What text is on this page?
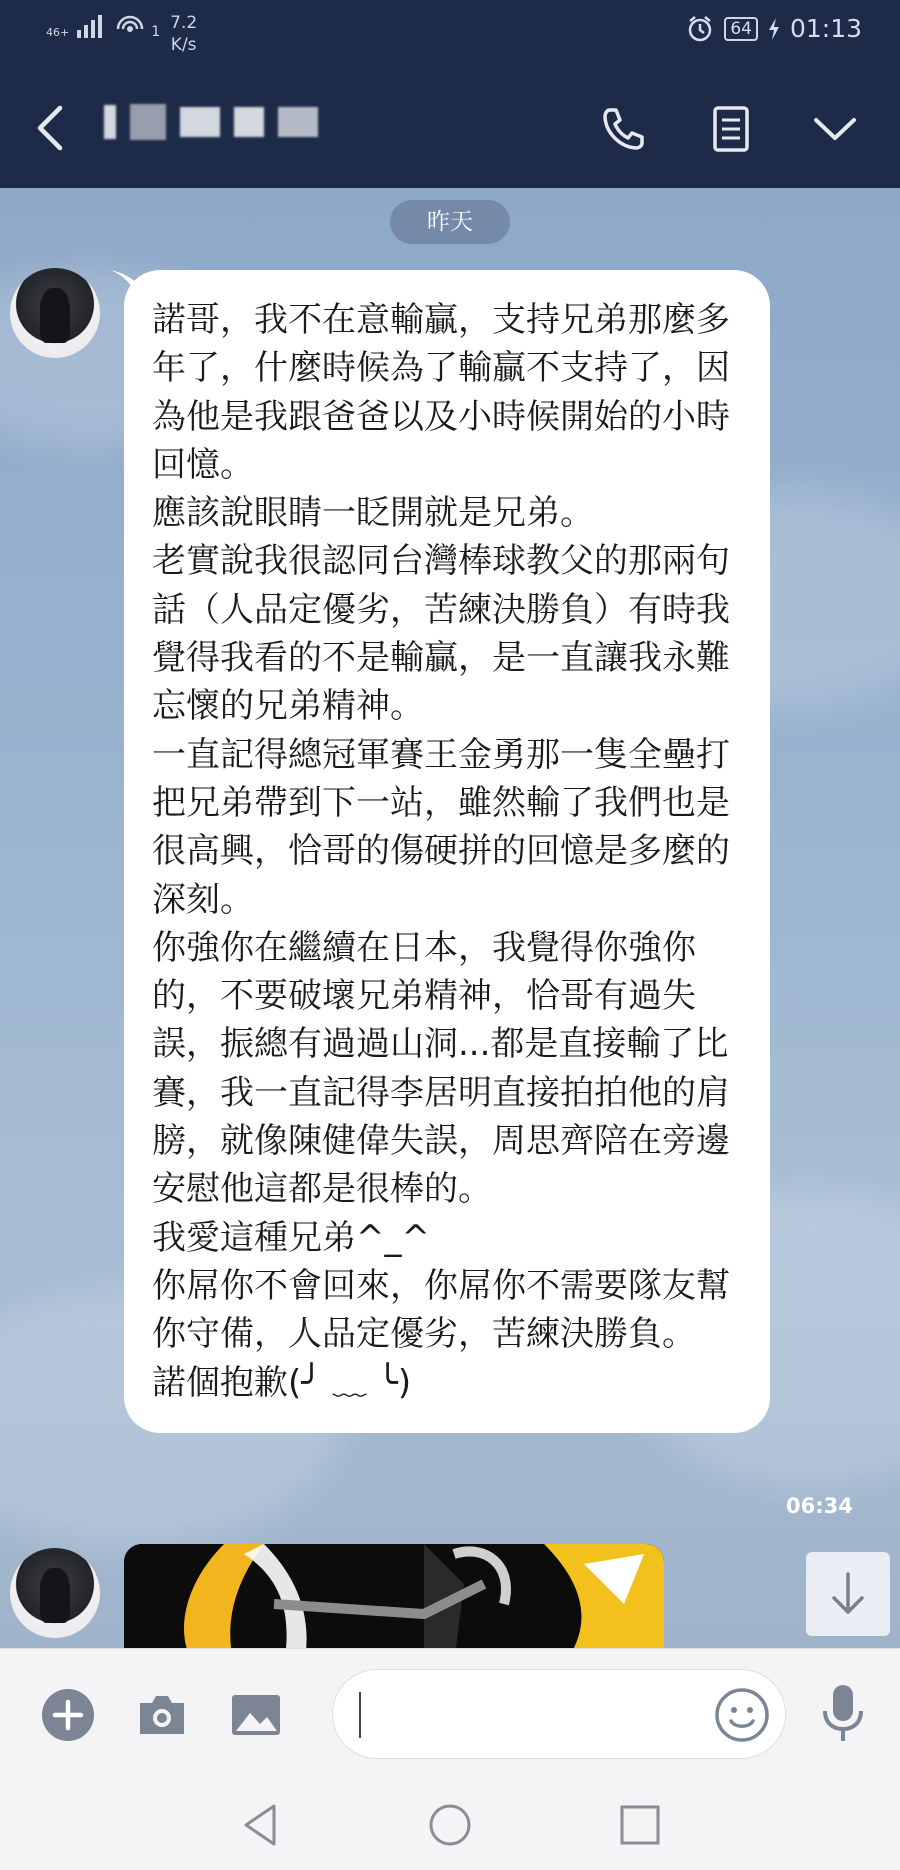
46+	1 7.2
K/s
64 01:13
昨天

諾哥，我不在意輸贏，支持兄弟那麼多年了，什麼時候為了輸贏不支持了，因為他是我跟爸爸以及小時候開始的小時回憶。

應該說眼睛一眨開就是兄弟。

老實說我很認同台灣棒球教父的那兩句話（人品定優劣，苦練決勝負）有時我覺得我看的不是輸贏，是一直讓我永難忘懷的兄弟精神。

一直記得總冠軍賽王金勇那一隻全壘打把兄弟帶到下一站，雖然輸了我們也是很高興，恰哥的傷硬拼的回憶是多麼的深刻。

你強你在繼續在日本，我覺得你強你的，不要破壞兄弟精神，恰哥有過失誤，振總有過過山洞...都是直接輸了比賽，我一直記得李居明直接拍拍他的肩膀，就像陳健偉失誤，周思齊陪在旁邊安慰他這都是很棒的。

我愛這種兄弟^_^

你屌你不會回來，你屌你不需要隊友幫你守備，人品定優劣，苦練決勝負。

諾個抱歉(╯ ﹏ ╰)

06:34
